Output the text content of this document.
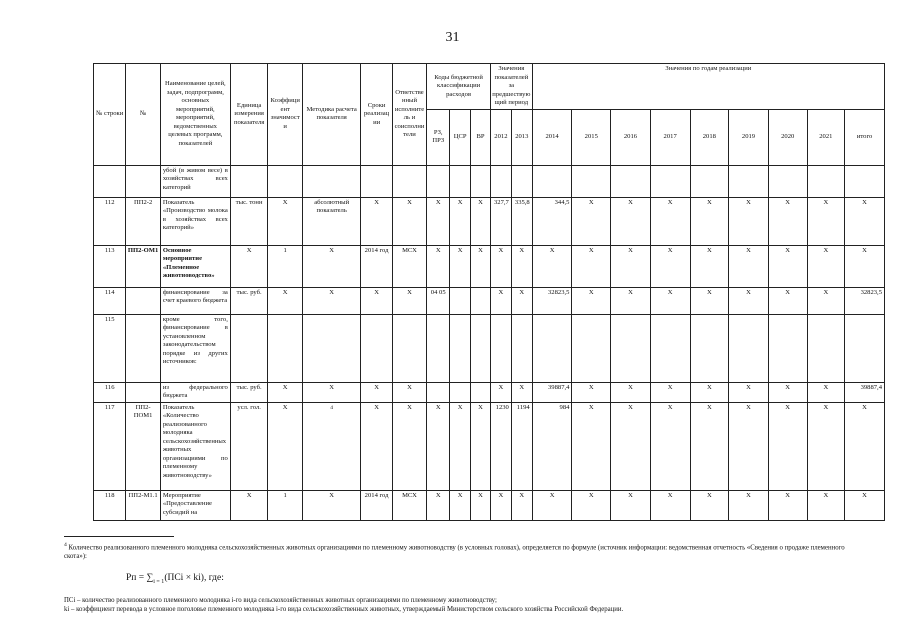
31
№ строки	№	Наименование целей, задач, подпрограмм, основных мероприятий, мероприятий, ведомственных целевых программ, показателей	Единица измерения показателя	Коэффициент значимости	Методика расчета показателя	Сроки реализации	Ответственный исполнитель и соисполнители	Коды бюджетной классификации расходов			Значения показателей за предшествующий период		Значения по годам реализации								
								РЗ, ПРЗ	ЦСР	ВР	2012	2013	2014	2015	2016	2017	2018	2019	2020	2021	итого
		убой (в живом весе) в хозяйствах всех категорий																			
112	ПП2-2	Показатель «Производство молока в хозяйствах всех категорий»	тыс. тонн	X	абсолютный показатель	X	X	X	X	X	327,7	335,8	344,5	X	X	X	X	X	X	X	X
113	ПП2-ОМ1	Основное мероприятие «Племенное животноводство»	X	1	X	2014 год	МСХ	X	X	X	X	X	X	X	X	X	X	X	X	X	X
114		финансирование за счет краевого бюджета	тыс. руб.	X	X	X	X	04 05			X	X	32823,5	X	X	X	X	X	X	X	32823,5
115		кроме того, финансирование в установленном законодательством порядке из других источников:																			
116		из федерального бюджета	тыс. руб.	X	X	X	X				X	X	39887,4	X	X	X	X	X	X	X	39887,4
117	ПП2-ПОМ1	Показатель «Количество реализованного молодняка сельскохозяйственных животных организациями по племенному животноводству»	усл. гол.	X	$^4$	X	X	X	X	X	1230	1194	984	X	X	X	X	X	X	X	X
118	ПП2-М1.1	Мероприятие «Предоставление субсидий на	X	1	X	2014 год	МСХ	X	X	X	X	X	X	X	X	X	X	X	X	X	X
$^4$ Количество реализованного племенного молодняка сельскохозяйственных животных организациями по племенному животноводству (в условных головах), определяется по формуле (источник информации: ведомственная отчетность «Сведения о продаже племенного скота»):
Рп = $\sum_{i = 1}(ПСi \times ki)$, где:
ПСi – количество реализованного племенного молодняка i-го вида сельскохозяйственных животных организациями по племенному животноводству;
ki – коэффициент перевода в условное поголовье племенного молодняка i-го вида сельскохозяйственных животных, утверждаемый Министерством сельского хозяйства Российской Федерации.
